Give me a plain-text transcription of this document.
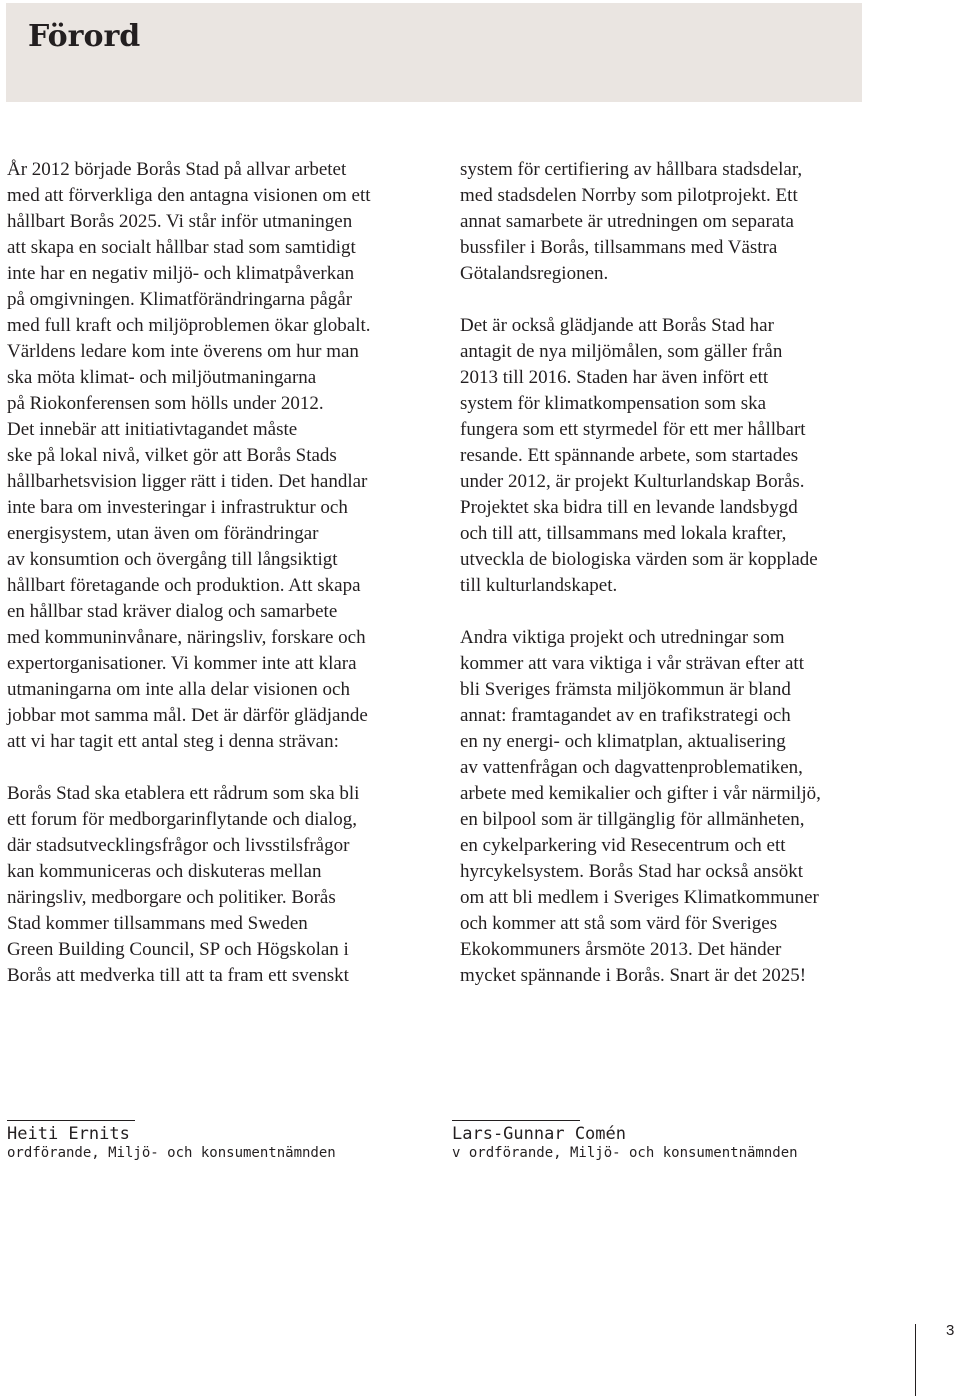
Förord

År 2012 började Borås Stad på allvar arbetet
med att förverkliga den antagna visionen om ett
hållbart Borås 2025. Vi står inför utmaningen
att skapa en socialt hållbar stad som samtidigt
inte har en negativ miljö- och klimatpåverkan
på omgivningen. Klimatförändringarna pågår
med full kraft och miljöproblemen ökar globalt.
Världens ledare kom inte överens om hur man
ska möta klimat- och miljöutmaningarna
på Riokonferensen som hölls under 2012.
Det innebär att initiativtagandet måste
ske på lokal nivå, vilket gör att Borås Stads
hållbarhetsvision ligger rätt i tiden. Det handlar
inte bara om investeringar i infrastruktur och
energisystem, utan även om förändringar
av konsumtion och övergång till långsiktigt
hållbart företagande och produktion. Att skapa
en hållbar stad kräver dialog och samarbete
med kommuninvånare, näringsliv, forskare och
expertorganisationer. Vi kommer inte att klara
utmaningarna om inte alla delar visionen och
jobbar mot samma mål. Det är därför glädjande
att vi har tagit ett antal steg i denna strävan:

Borås Stad ska etablera ett rådrum som ska bli
ett forum för medborgarinflytande och dialog,
där stadsutvecklingsfrågor och livsstilsfrågor
kan kommuniceras och diskuteras mellan
näringsliv, medborgare och politiker. Borås
Stad kommer tillsammans med Sweden
Green Building Council, SP och Högskolan i
Borås att medverka till att ta fram ett svenskt

system för certifiering av hållbara stadsdelar,
med stadsdelen Norrby som pilotprojekt. Ett
annat samarbete är utredningen om separata
bussfiler i Borås, tillsammans med Västra
Götalandsregionen.

Det är också glädjande att Borås Stad har
antagit de nya miljömålen, som gäller från
2013 till 2016. Staden har även infört ett
system för klimatkompensation som ska
fungera som ett styrmedel för ett mer hållbart
resande. Ett spännande arbete, som startades
under 2012, är projekt Kulturlandskap Borås.
Projektet ska bidra till en levande landsbygd
och till att, tillsammans med lokala krafter,
utveckla de biologiska värden som är kopplade
till kulturlandskapet.

Andra viktiga projekt och utredningar som
kommer att vara viktiga i vår strävan efter att
bli Sveriges främsta miljökommun är bland
annat: framtagandet av en trafikstrategi och
en ny energi- och klimatplan, aktualisering
av vattenfrågan och dagvattenproblematiken,
arbete med kemikalier och gifter i vår närmiljö,
en bilpool som är tillgänglig för allmänheten,
en cykelparkering vid Resecentrum och ett
hyrcykelsystem. Borås Stad har också ansökt
om att bli medlem i Sveriges Klimatkommuner
och kommer att stå som värd för Sveriges
Ekokommuners årsmöte 2013. Det händer
mycket spännande i Borås. Snart är det 2025!

Heiti Ernits
ordförande, Miljö- och konsumentnämnden
Lars-Gunnar Comén
v ordförande, Miljö- och konsumentnämnden
3
